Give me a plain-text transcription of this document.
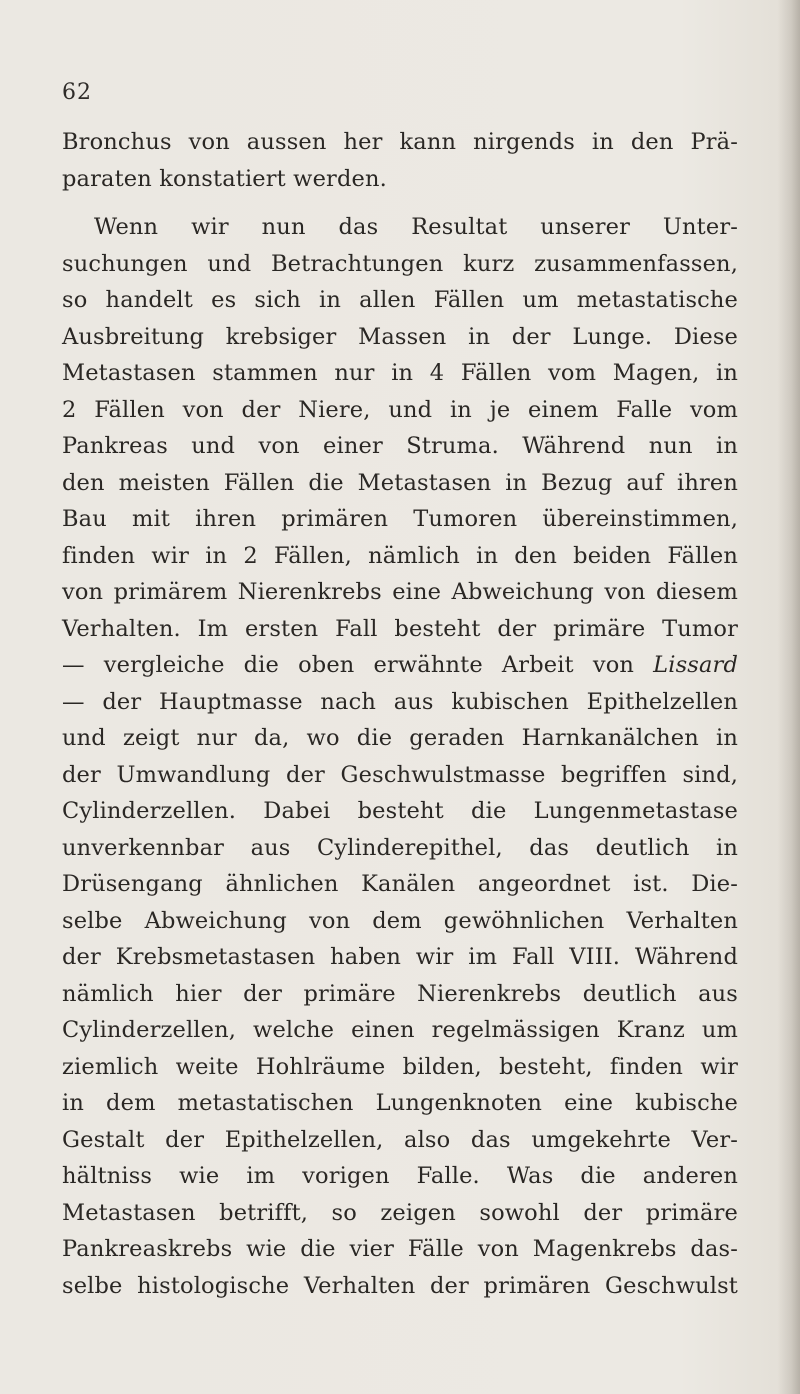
62
Bronchus von aussen her kann nirgends in den Prä-
paraten konstatiert werden.
Wenn wir nun das Resultat unserer Unter-
suchungen und Betrachtungen kurz zusammenfassen,
so handelt es sich in allen Fällen um metastatische
Ausbreitung krebsiger Massen in der Lunge. Diese
Metastasen stammen nur in 4 Fällen vom Magen, in
2 Fällen von der Niere, und in je einem Falle vom
Pankreas und von einer Struma. Während nun in
den meisten Fällen die Metastasen in Bezug auf ihren
Bau mit ihren primären Tumoren übereinstimmen,
finden wir in 2 Fällen, nämlich in den beiden Fällen
von primärem Nierenkrebs eine Abweichung von diesem
Verhalten. Im ersten Fall besteht der primäre Tumor
— vergleiche die oben erwähnte Arbeit von Lissard
— der Hauptmasse nach aus kubischen Epithelzellen
und zeigt nur da, wo die geraden Harnkanälchen in
der Umwandlung der Geschwulstmasse begriffen sind,
Cylinderzellen. Dabei besteht die Lungenmetastase
unverkennbar aus Cylinderepithel, das deutlich in
Drüsengang ähnlichen Kanälen angeordnet ist. Die-
selbe Abweichung von dem gewöhnlichen Verhalten
der Krebsmetastasen haben wir im Fall VIII. Während
nämlich hier der primäre Nierenkrebs deutlich aus
Cylinderzellen, welche einen regelmässigen Kranz um
ziemlich weite Hohlräume bilden, besteht, finden wir
in dem metastatischen Lungenknoten eine kubische
Gestalt der Epithelzellen, also das umgekehrte Ver-
hältniss wie im vorigen Falle. Was die anderen
Metastasen betrifft, so zeigen sowohl der primäre
Pankreaskrebs wie die vier Fälle von Magenkrebs das-
selbe histologische Verhalten der primären Geschwulst
